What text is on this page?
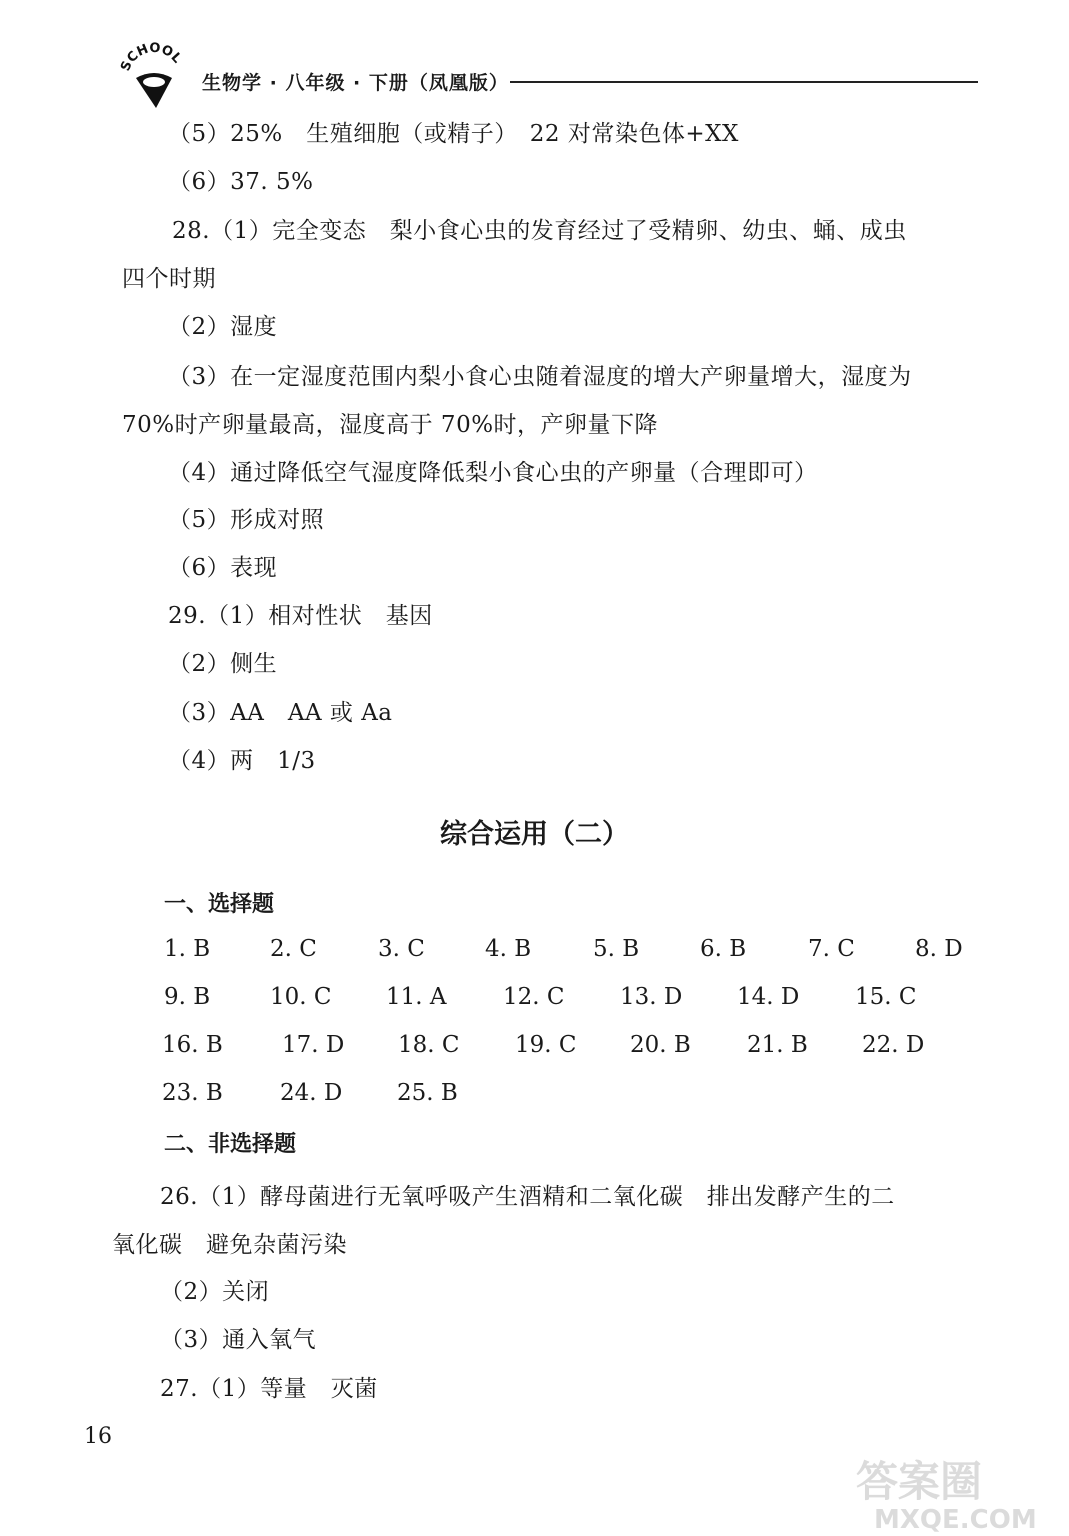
SCHOOL
生物学 · 八年级 · 下册（凤凰版）
（5）25%　生殖细胞（或精子）　22 对常染色体+XX
（6）37. 5%
28.（1）完全变态　梨小食心虫的发育经过了受精卵、幼虫、蛹、成虫
四个时期
（2）湿度
（3）在一定湿度范围内梨小食心虫随着湿度的增大产卵量增大，湿度为
70%时产卵量最高，湿度高于 70%时，产卵量下降
（4）通过降低空气湿度降低梨小食心虫的产卵量（合理即可）
（5）形成对照
（6）表现
29.（1）相对性状　基因
（2）侧生
（3）AA　AA 或 Aa
（4）两　1/3
综合运用（二）
一、选择题
1. B	2. C	3. C	4. B	5. B	6. B	7. C	8. D
9. B	10. C 11. A 12. C 13. D 14. D 15. C
16. B	17. D 18. C 19. C 20. B 21. B 22. D
23. B 24. D 25. B
二、非选择题
26.（1）酵母菌进行无氧呼吸产生酒精和二氧化碳　排出发酵产生的二
氧化碳　避免杂菌污染
（2）关闭
（3）通入氧气
27.（1）等量　灭菌
16
答案圈
MXQE.COM
